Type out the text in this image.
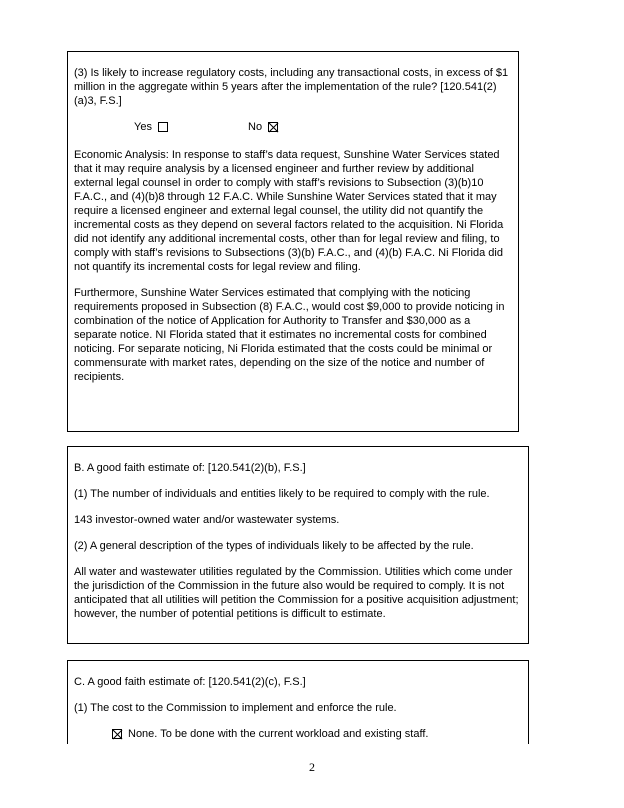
(3) Is likely to increase regulatory costs, including any transactional costs, in excess of $1 million in the aggregate within 5 years after the implementation of the rule? [120.541(2)(a)3, F.S.]

Yes	No

Economic Analysis: In response to staff’s data request, Sunshine Water Services stated that it may require analysis by a licensed engineer and further review by additional external legal counsel in order to comply with staff’s revisions to Subsection (3)(b)10 F.A.C., and (4)(b)8 through 12 F.A.C. While Sunshine Water Services stated that it may require a licensed engineer and external legal counsel, the utility did not quantify the incremental costs as they depend on several factors related to the acquisition. Ni Florida did not identify any additional incremental costs, other than for legal review and filing, to comply with staff’s revisions to Subsections (3)(b) F.A.C., and (4)(b) F.A.C. Ni Florida did not quantify its incremental costs for legal review and filing.

Furthermore, Sunshine Water Services estimated that complying with the noticing requirements proposed in Subsection (8) F.A.C., would cost $9,000 to provide noticing in combination of the notice of Application for Authority to Transfer and $30,000 as a separate notice. NI Florida stated that it estimates no incremental costs for combined noticing. For separate noticing, Ni Florida estimated that the costs could be minimal or commensurate with market rates, depending on the size of the notice and number of recipients.

B. A good faith estimate of: [120.541(2)(b), F.S.]

(1) The number of individuals and entities likely to be required to comply with the rule.

143 investor-owned water and/or wastewater systems.

(2) A general description of the types of individuals likely to be affected by the rule.

All water and wastewater utilities regulated by the Commission. Utilities which come under the jurisdiction of the Commission in the future also would be required to comply. It is not anticipated that all utilities will petition the Commission for a positive acquisition adjustment; however, the number of potential petitions is difficult to estimate.

C. A good faith estimate of: [120.541(2)(c), F.S.]

(1) The cost to the Commission to implement and enforce the rule.

None. To be done with the current workload and existing staff.
2
